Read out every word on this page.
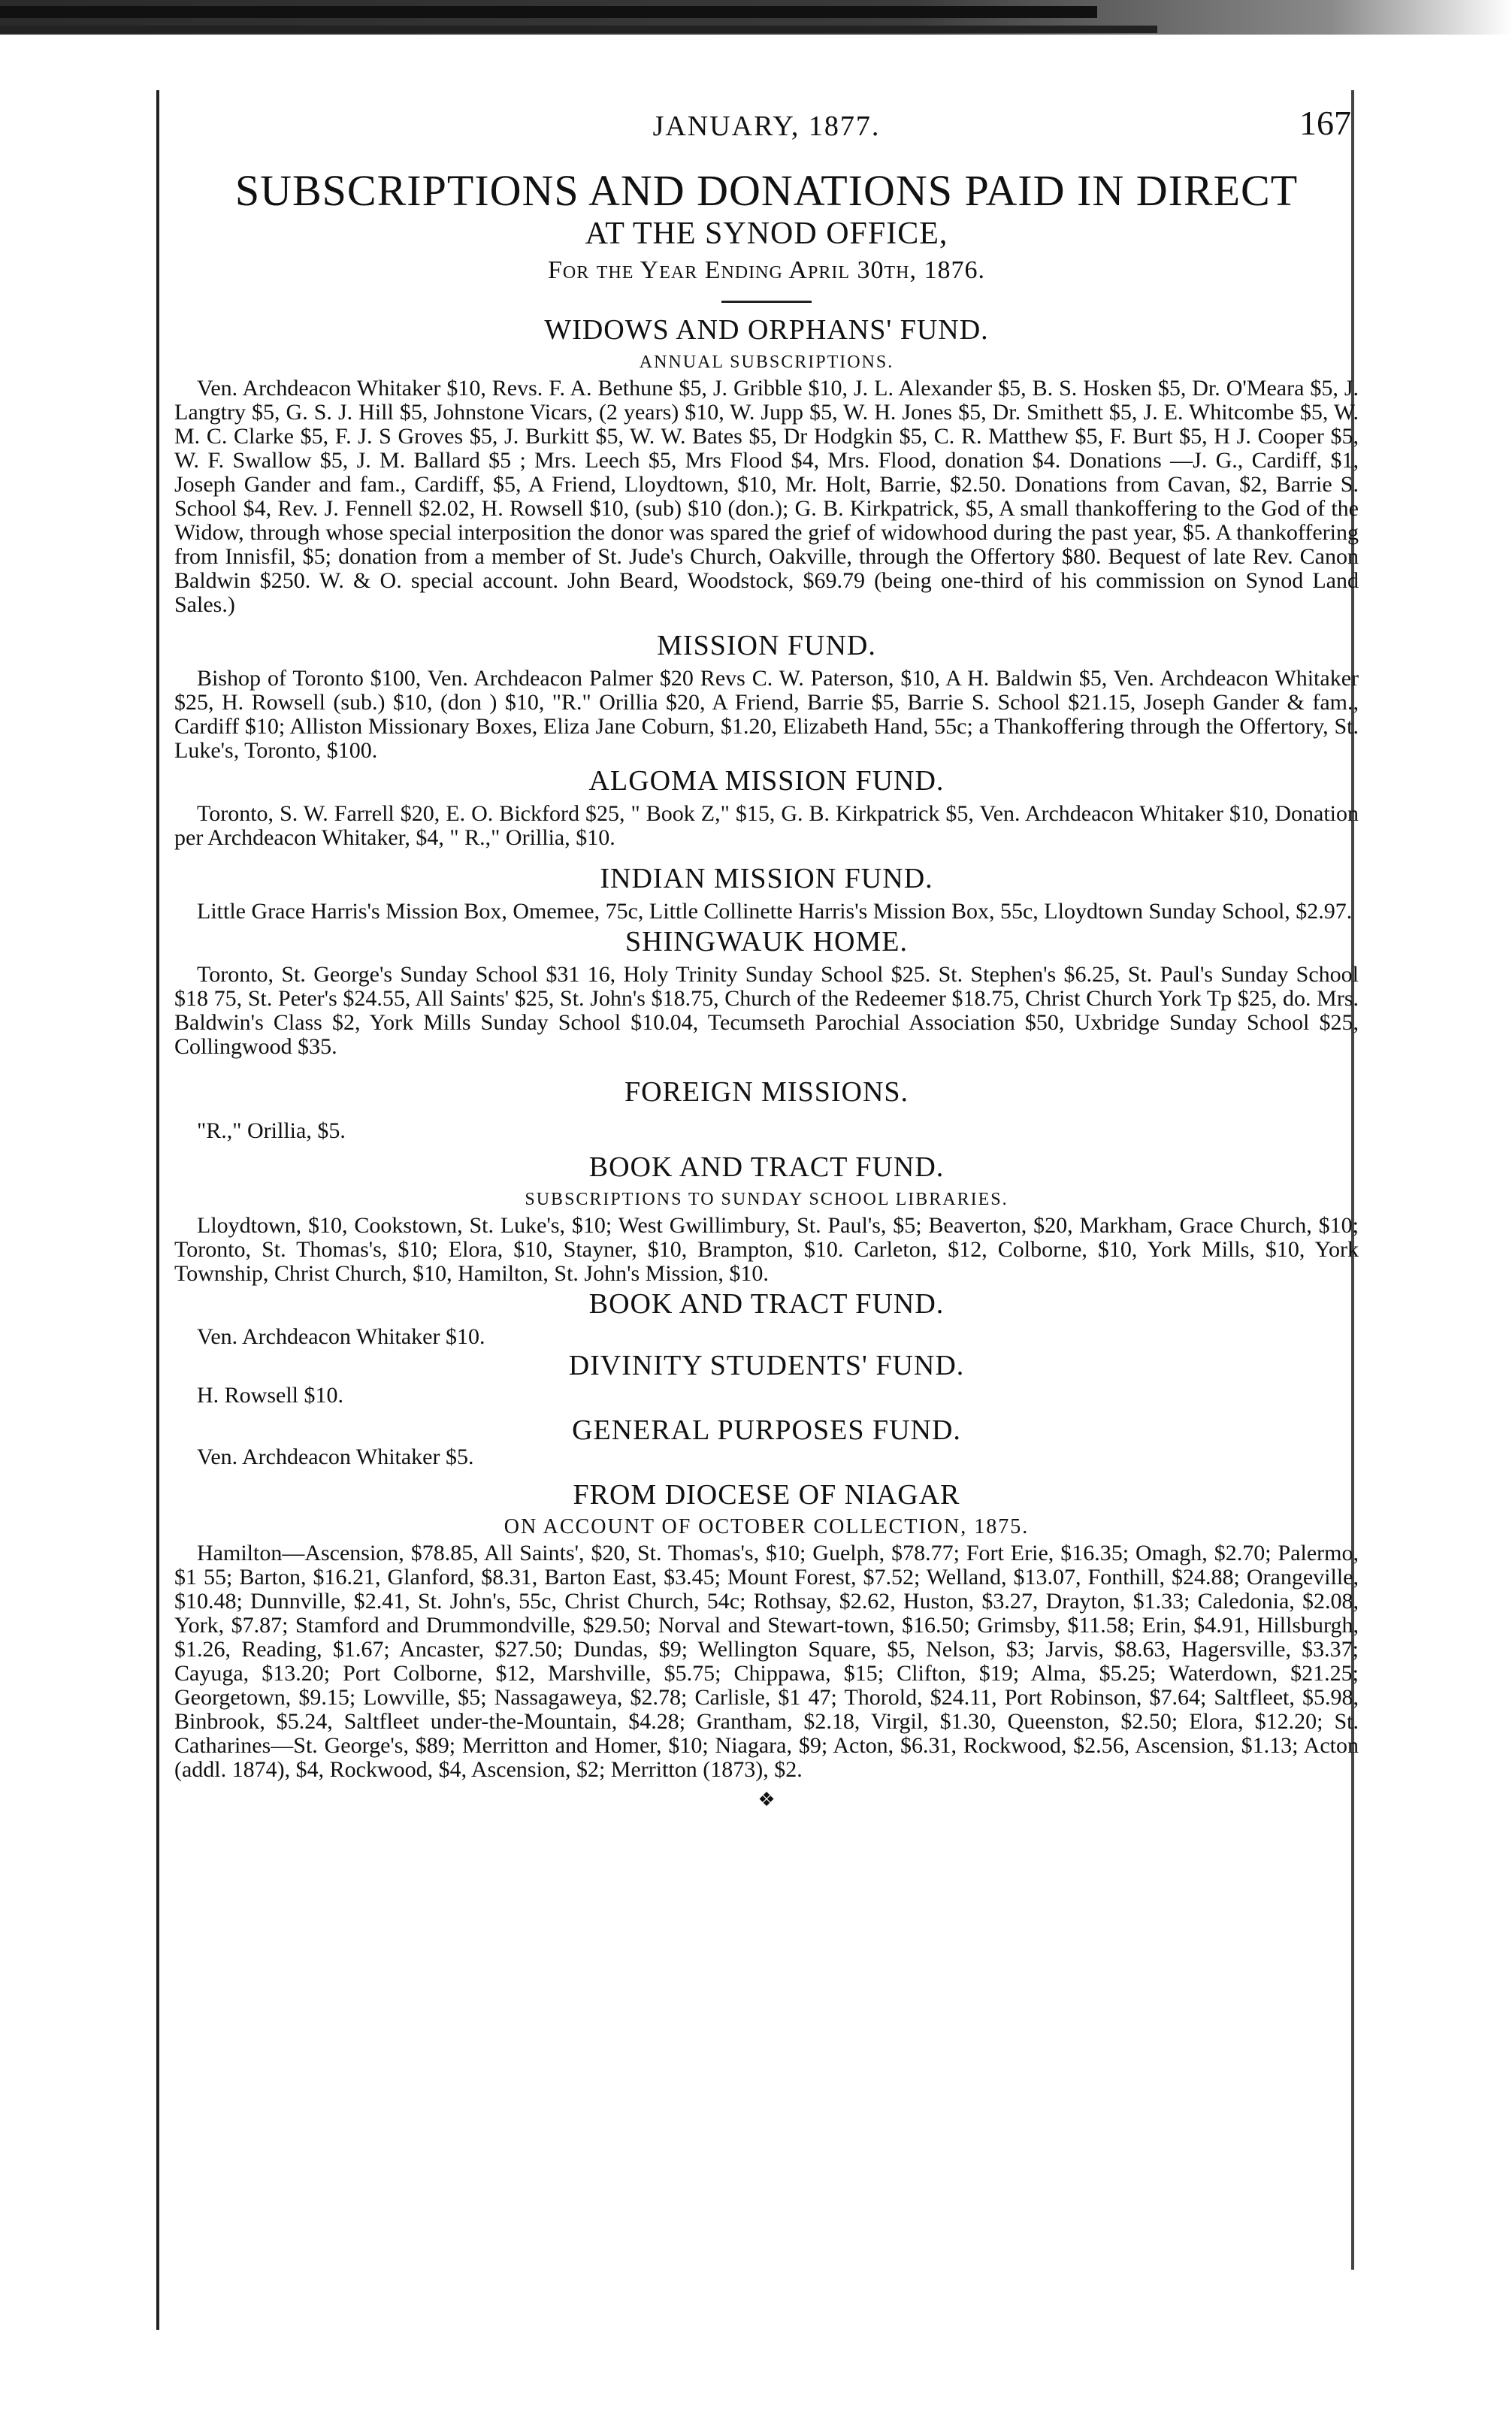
JANUARY, 1877.	167
SUBSCRIPTIONS AND DONATIONS PAID IN DIRECT
AT THE SYNOD OFFICE,
For the Year Ending April 30th, 1876.
WIDOWS AND ORPHANS' FUND.
ANNUAL SUBSCRIPTIONS.

Ven. Archdeacon Whitaker $10, Revs. F. A. Bethune $5, J. Gribble $10, J. L. Alexander $5, B. S. Hosken $5, Dr. O'Meara $5, J. Langtry $5, G. S. J. Hill $5, Johnstone Vicars, (2 years) $10, W. Jupp $5, W. H. Jones $5, Dr. Smithett $5, J. E. Whitcombe $5, W. M. C. Clarke $5, F. J. S Groves $5, J. Burkitt $5, W. W. Bates $5, Dr Hodgkin $5, C. R. Matthew $5, F. Burt $5, H J. Cooper $5, W. F. Swallow $5, J. M. Ballard $5 ; Mrs. Leech $5, Mrs Flood $4, Mrs. Flood, donation $4. Donations —J. G., Cardiff, $1, Joseph Gander and fam., Cardiff, $5, A Friend, Lloydtown, $10, Mr. Holt, Barrie, $2.50. Donations from Cavan, $2, Barrie S. School $4, Rev. J. Fennell $2.02, H. Rowsell $10, (sub) $10 (don.); G. B. Kirkpatrick, $5, A small thankoffering to the God of the Widow, through whose special interposition the donor was spared the grief of widowhood during the past year, $5. A thankoffering from Innisfil, $5; donation from a member of St. Jude's Church, Oakville, through the Offertory $80. Bequest of late Rev. Canon Baldwin $250. W. & O. special account. John Beard, Woodstock, $69.79 (being one-third of his commission on Synod Land Sales.)

MISSION FUND.

Bishop of Toronto $100, Ven. Archdeacon Palmer $20 Revs C. W. Paterson, $10, A H. Baldwin $5, Ven. Archdeacon Whitaker $25, H. Rowsell (sub.) $10, (don ) $10, "R." Orillia $20, A Friend, Barrie $5, Barrie S. School $21.15, Joseph Gander & fam., Cardiff $10; Alliston Missionary Boxes, Eliza Jane Coburn, $1.20, Elizabeth Hand, 55c; a Thankoffering through the Offertory, St. Luke's, Toronto, $100.

ALGOMA MISSION FUND.

Toronto, S. W. Farrell $20, E. O. Bickford $25, " Book Z," $15, G. B. Kirkpatrick $5, Ven. Archdeacon Whitaker $10, Donation per Archdeacon Whitaker, $4, " R.," Orillia, $10.

INDIAN MISSION FUND.

Little Grace Harris's Mission Box, Omemee, 75c, Little Collinette Harris's Mission Box, 55c, Lloydtown Sunday School, $2.97.

SHINGWAUK HOME.

Toronto, St. George's Sunday School $31 16, Holy Trinity Sunday School $25. St. Stephen's $6.25, St. Paul's Sunday School $18 75, St. Peter's $24.55, All Saints' $25, St. John's $18.75, Church of the Redeemer $18.75, Christ Church York Tp $25, do. Mrs. Baldwin's Class $2, York Mills Sunday School $10.04, Tecumseth Parochial Association $50, Uxbridge Sunday School $25, Collingwood $35.

FOREIGN MISSIONS.
"R.," Orillia, $5.
BOOK AND TRACT FUND.
SUBSCRIPTIONS TO SUNDAY SCHOOL LIBRARIES.

Lloydtown, $10, Cookstown, St. Luke's, $10; West Gwillimbury, St. Paul's, $5; Beaverton, $20, Markham, Grace Church, $10; Toronto, St. Thomas's, $10; Elora, $10, Stayner, $10, Brampton, $10. Carleton, $12, Colborne, $10, York Mills, $10, York Township, Christ Church, $10, Hamilton, St. John's Mission, $10.

BOOK AND TRACT FUND.

Ven. Archdeacon Whitaker $10.

DIVINITY STUDENTS' FUND.
H. Rowsell $10.
GENERAL PURPOSES FUND.
Ven. Archdeacon Whitaker $5.
FROM DIOCESE OF NIAGAR
ON ACCOUNT OF OCTOBER COLLECTION, 1875.

Hamilton—Ascension, $78.85, All Saints', $20, St. Thomas's, $10; Guelph, $78.77; Fort Erie, $16.35; Omagh, $2.70; Palermo, $1 55; Barton, $16.21, Glanford, $8.31, Barton East, $3.45; Mount Forest, $7.52; Welland, $13.07, Fonthill, $24.88; Orangeville, $10.48; Dunnville, $2.41, St. John's, 55c, Christ Church, 54c; Rothsay, $2.62, Huston, $3.27, Drayton, $1.33; Caledonia, $2.08, York, $7.87; Stamford and Drummondville, $29.50; Norval and Stewart-town, $16.50; Grimsby, $11.58; Erin, $4.91, Hillsburgh, $1.26, Reading, $1.67; Ancaster, $27.50; Dundas, $9; Wellington Square, $5, Nelson, $3; Jarvis, $8.63, Hagersville, $3.37; Cayuga, $13.20; Port Colborne, $12, Marshville, $5.75; Chippawa, $15; Clifton, $19; Alma, $5.25; Waterdown, $21.25; Georgetown, $9.15; Lowville, $5; Nassagaweya, $2.78; Carlisle, $1 47; Thorold, $24.11, Port Robinson, $7.64; Saltfleet, $5.98, Binbrook, $5.24, Saltfleet under-the-Mountain, $4.28; Grantham, $2.18, Virgil, $1.30, Queenston, $2.50; Elora, $12.20; St. Catharines—St. George's, $89; Merritton and Homer, $10; Niagara, $9; Acton, $6.31, Rockwood, $2.56, Ascension, $1.13; Acton (addl. 1874), $4, Rockwood, $4, Ascension, $2; Merritton (1873), $2.

❖
